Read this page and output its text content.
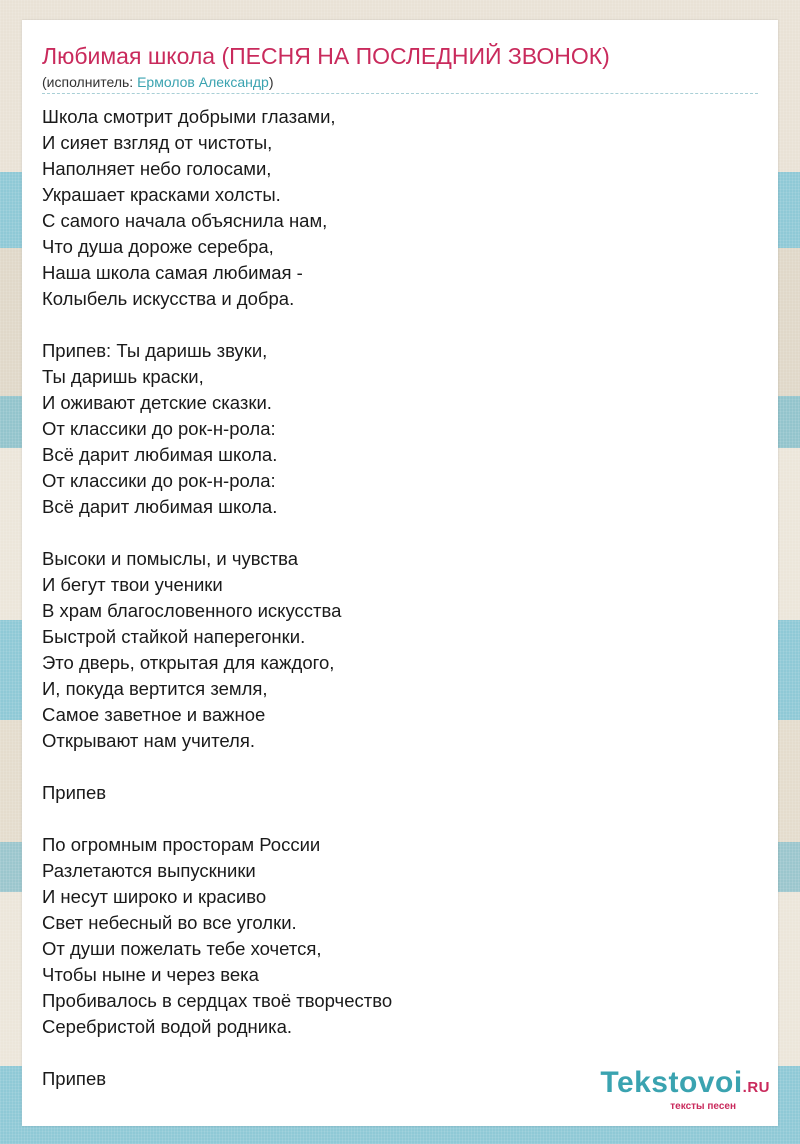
Любимая школа (ПЕСНЯ НА ПОСЛЕДНИЙ ЗВОНОК)
(исполнитель: Ермолов Александр)
Школа смотрит добрыми глазами,
И сияет взгляд от чистоты,
Наполняет небо голосами,
Украшает красками холсты.
С самого начала объяснила нам,
Что душа дороже серебра,
Наша школа самая любимая -
Колыбель искусства и добра.
Припев: Ты даришь звуки,
Ты даришь краски,
И оживают детские сказки.
От классики до рок-н-рола:
Всё дарит любимая школа.
От классики до рок-н-рола:
Всё дарит любимая школа.
Высоки и помыслы, и чувства
И бегут твои ученики
В храм благословенного искусства
Быстрой стайкой наперегонки.
Это дверь, открытая для каждого,
И, покуда вертится земля,
Самое заветное и важное
Открывают нам учителя.
Припев
По огромным просторам России
Разлетаются выпускники
И несут широко и красиво
Свет небесный во все уголки.
От души пожелать тебе хочется,
Чтобы ныне и через века
Пробивалось в сердцах твоё творчество
Серебристой водой родника.
Припев	Tekstovoi.RU
тексты песен
